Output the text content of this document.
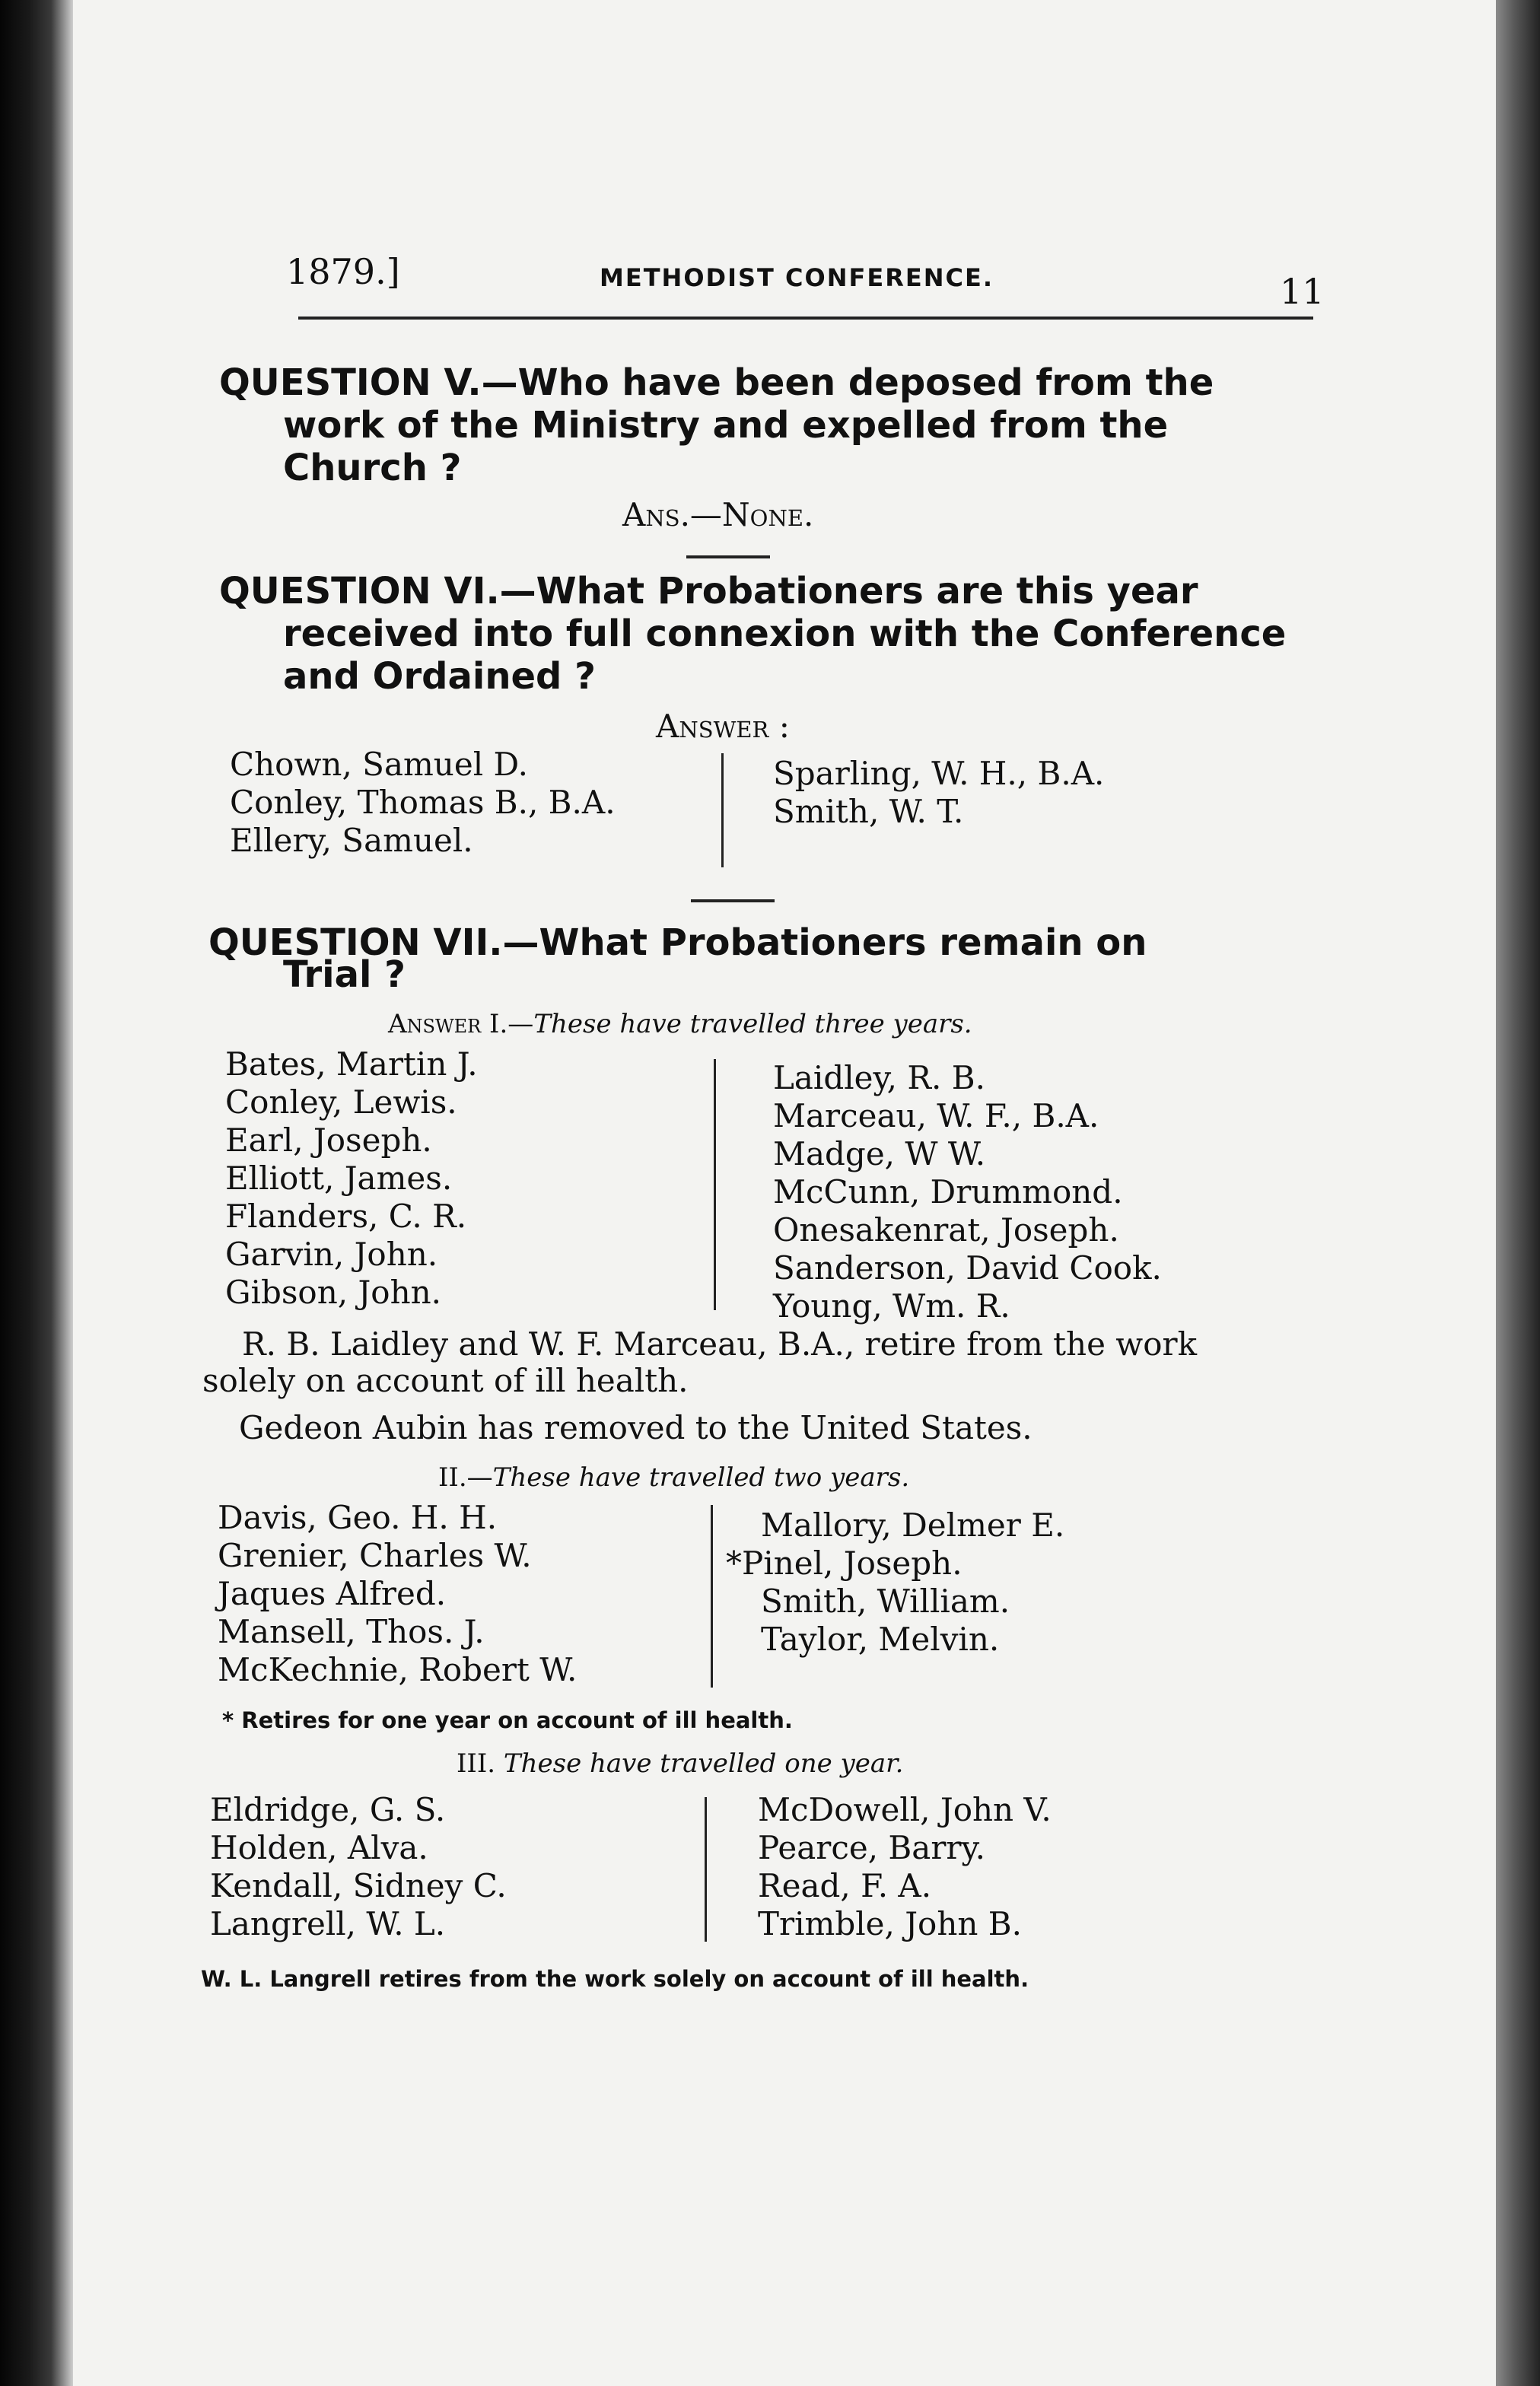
1879.]	METHODIST CONFERENCE.	11
QUESTION V.—Who have been deposed from the
work of the Ministry and expelled from the
Church ?
Ans.—None.
QUESTION VI.—What Probationers are this year
received into full connexion with the Conference
and Ordained ?
Answer :
Chown, Samuel D.
Conley, Thomas B., B.A.
Ellery, Samuel.
Sparling, W. H., B.A.
Smith, W. T.
QUESTION VII.—What Probationers remain on
Trial ?
Answer I.—These have travelled three years.
Bates, Martin J.
Conley, Lewis.
Earl, Joseph.
Elliott, James.
Flanders, C. R.
Garvin, John.
Gibson, John.
Laidley, R. B.
Marceau, W. F., B.A.
Madge, W W.
McCunn, Drummond.
Onesakenrat, Joseph.
Sanderson, David Cook.
Young, Wm. R.
R. B. Laidley and W. F. Marceau, B.A., retire from the work
solely on account of ill health.
Gedeon Aubin has removed to the United States.
II.—These have travelled two years.
Davis, Geo. H. H.
Grenier, Charles W.
Jaques Alfred.
Mansell, Thos. J.
McKechnie, Robert W.
Mallory, Delmer E.
*Pinel, Joseph.
Smith, William.
Taylor, Melvin.
* Retires for one year on account of ill health.
III. These have travelled one year.
Eldridge, G. S.
Holden, Alva.
Kendall, Sidney C.
Langrell, W. L.
McDowell, John V.
Pearce, Barry.
Read, F. A.
Trimble, John B.
W. L. Langrell retires from the work solely on account of ill health.
